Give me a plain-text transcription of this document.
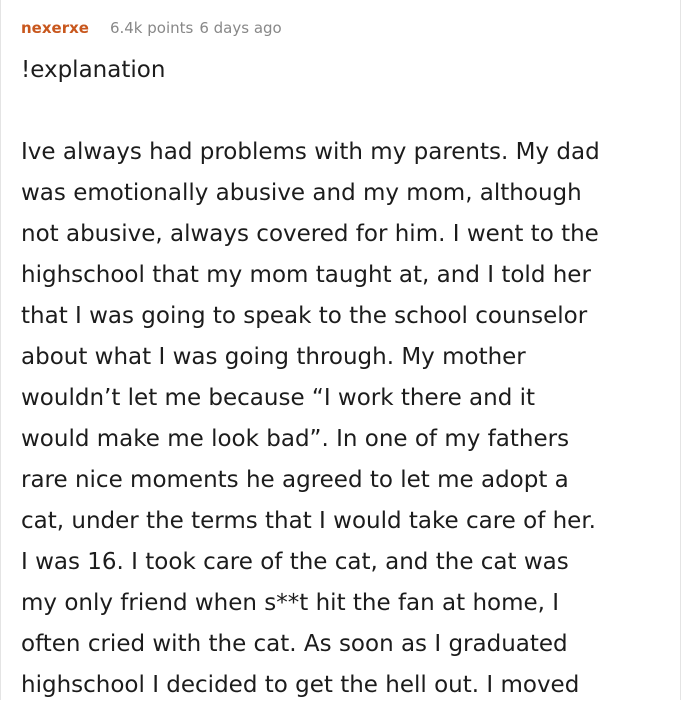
nexerxe 6.4k points 6 days ago

!explanation

Ive always had problems with my parents. My dad

was emotionally abusive and my mom, although

not abusive, always covered for him. I went to the

highschool that my mom taught at, and I told her

that I was going to speak to the school counselor

about what I was going through. My mother

wouldn’t let me because “I work there and it

would make me look bad”. In one of my fathers

rare nice moments he agreed to let me adopt a

cat, under the terms that I would take care of her.

I was 16. I took care of the cat, and the cat was

my only friend when s**t hit the fan at home, I

often cried with the cat. As soon as I graduated

highschool I decided to get the hell out. I moved
